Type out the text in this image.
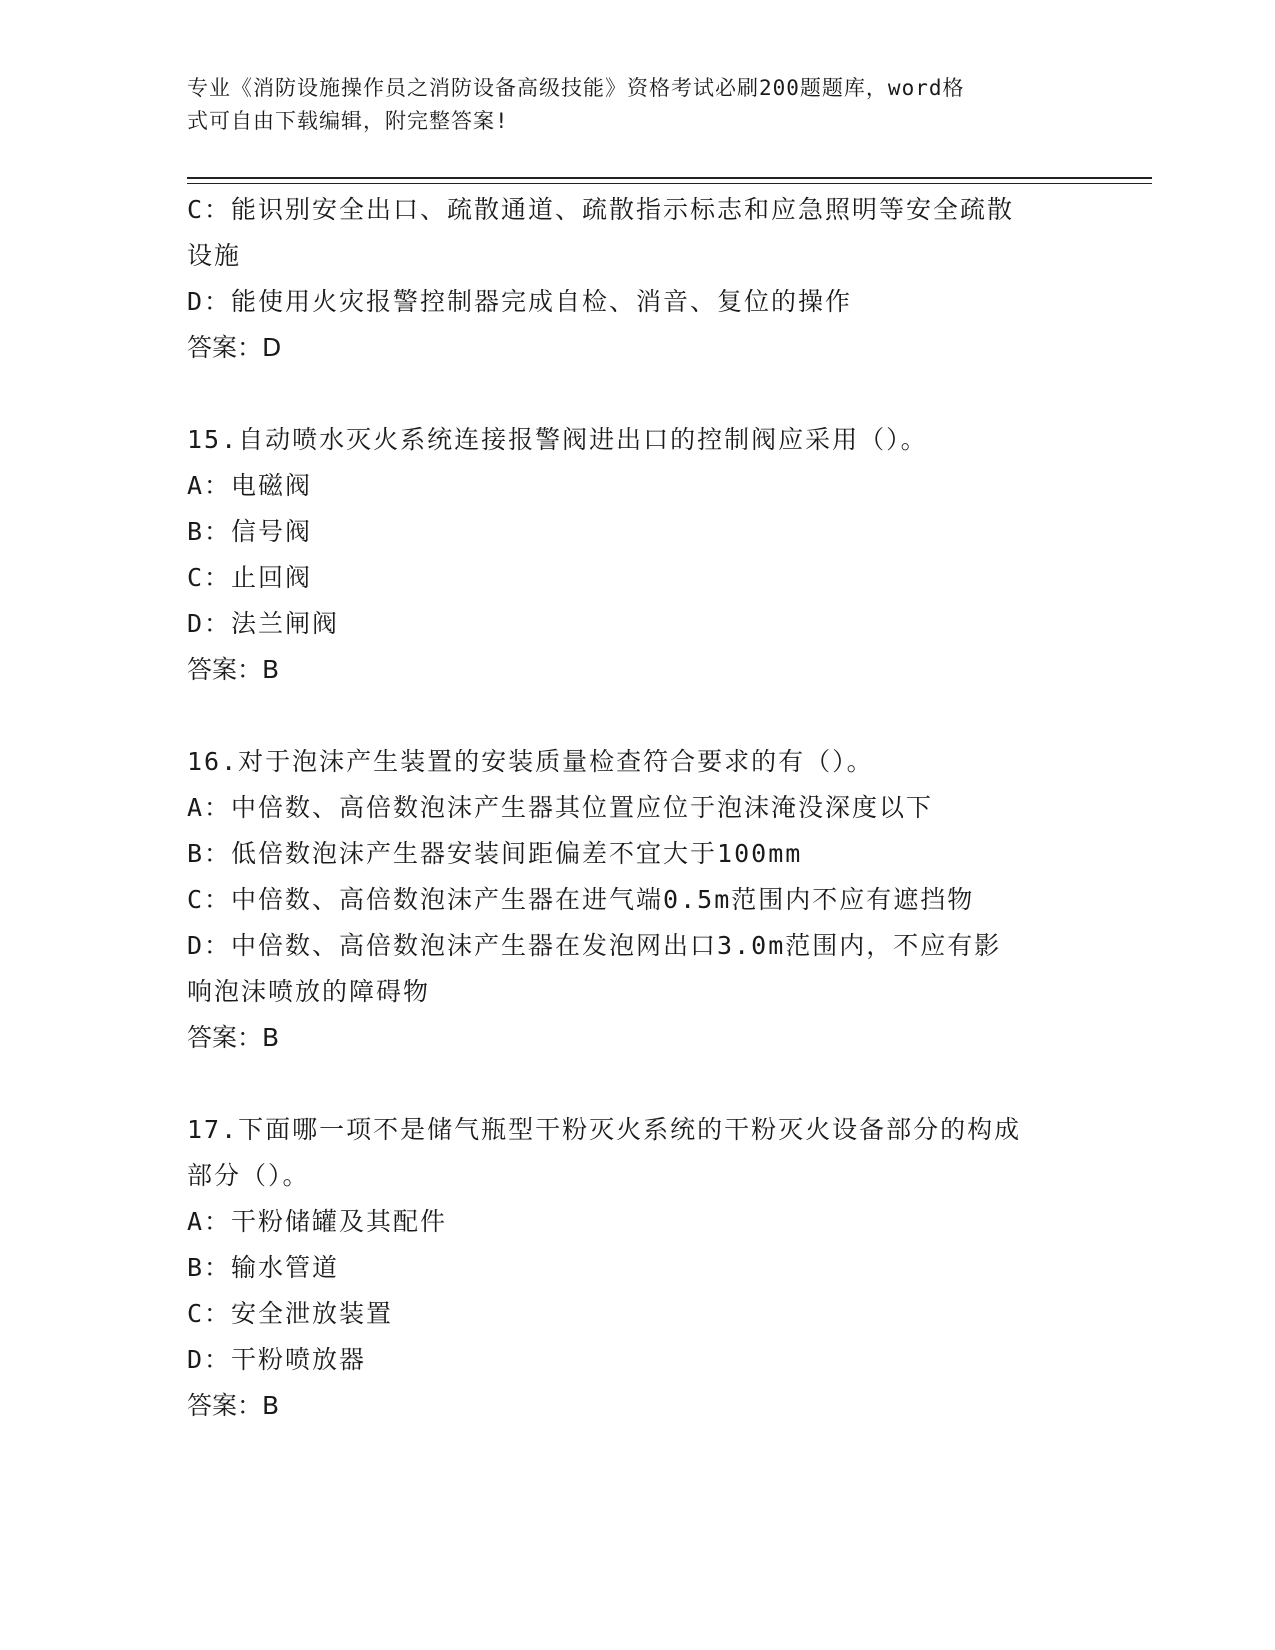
专业《消防设施操作员之消防设备高级技能》资格考试必刷200题题库，word格
式可自由下载编辑，附完整答案!
C：能识别安全出口、疏散通道、疏散指示标志和应急照明等安全疏散
设施
D：能使用火灾报警控制器完成自检、消音、复位的操作
答案：D
15.自动喷水灭火系统连接报警阀进出口的控制阀应采用（）。
A：电磁阀
B：信号阀
C：止回阀
D：法兰闸阀
答案：B
16.对于泡沫产生装置的安装质量检查符合要求的有（）。
A：中倍数、高倍数泡沫产生器其位置应位于泡沫淹没深度以下
B：低倍数泡沫产生器安装间距偏差不宜大于100mm
C：中倍数、高倍数泡沫产生器在进气端0.5m范围内不应有遮挡物
D：中倍数、高倍数泡沫产生器在发泡网出口3.0m范围内，不应有影
响泡沫喷放的障碍物
答案：B
17.下面哪一项不是储气瓶型干粉灭火系统的干粉灭火设备部分的构成
部分（）。
A：干粉储罐及其配件
B：输水管道
C：安全泄放装置
D：干粉喷放器
答案：B
